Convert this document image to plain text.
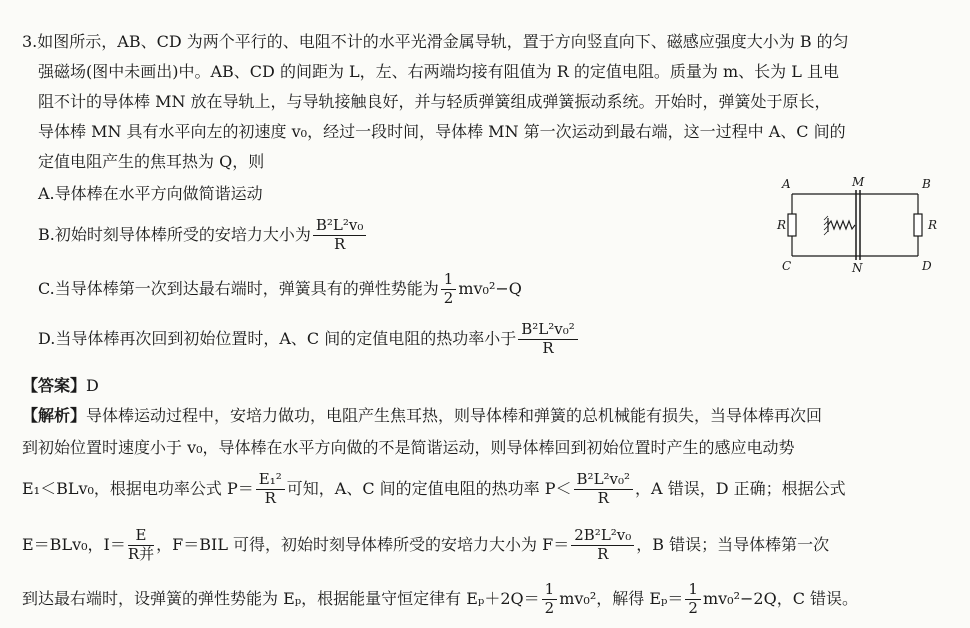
3.如图所示，AB、CD 为两个平行的、电阻不计的水平光滑金属导轨，置于方向竖直向下、磁感应强度大小为 B 的匀
强磁场(图中未画出)中。AB、CD 的间距为 L，左、右两端均接有阻值为 R 的定值电阻。质量为 m、长为 L 且电
阻不计的导体棒 MN 放在导轨上，与导轨接触良好，并与轻质弹簧组成弹簧振动系统。开始时，弹簧处于原长，
导体棒 MN 具有水平向左的初速度 v₀，经过一段时间，导体棒 MN 第一次运动到最右端，这一过程中 A、C 间的
定值电阻产生的焦耳热为 Q，则
A.导体棒在水平方向做简谐运动
B.初始时刻导体棒所受的安培力大小为 $\frac{\text{B²L²v₀}}{R}$
C.当导体棒第一次到达最右端时，弹簧具有的弹性势能为 $\frac{1}{2} mv_0^2-Q$
D.当导体棒再次回到初始位置时，A、C 间的定值电阻的热功率小于 $\frac{\text{B²L²v₀²}}{R}$
【答案】D
【解析】导体棒运动过程中，安培力做功，电阻产生焦耳热，则导体棒和弹簧的总机械能有损失，当导体棒再次回
到初始位置时速度小于 v₀，导体棒在水平方向做的不是简谐运动，则导体棒回到初始位置时产生的感应电动势
E₁＜BLv₀，根据电功率公式 $P= \frac{\text{E₁²}}{R}$ 可知，A、C 间的定值电阻的热功率 $P< \frac{\text{B²L²v₀²}}{R}$ ，A 错误，D 正确；根据公式
E＝BLv₀，$I= \frac{E}{\text{R并}}$ ，F＝BIL 可得，初始时刻导体棒所受的安培力大小为 $F= \frac{\text{2B²L²v₀}}{R}$ ，B 错误；当导体棒第一次
到达最右端时，设弹簧的弹性势能为 Eₚ，根据能量守恒定律有 $E_p+2Q= \frac{1}{2} mv_0^2$，解得 $E_p= \frac{1}{2} mv_0^2-2Q$，C 错误。
A	M	B
C	N	D
R	R
